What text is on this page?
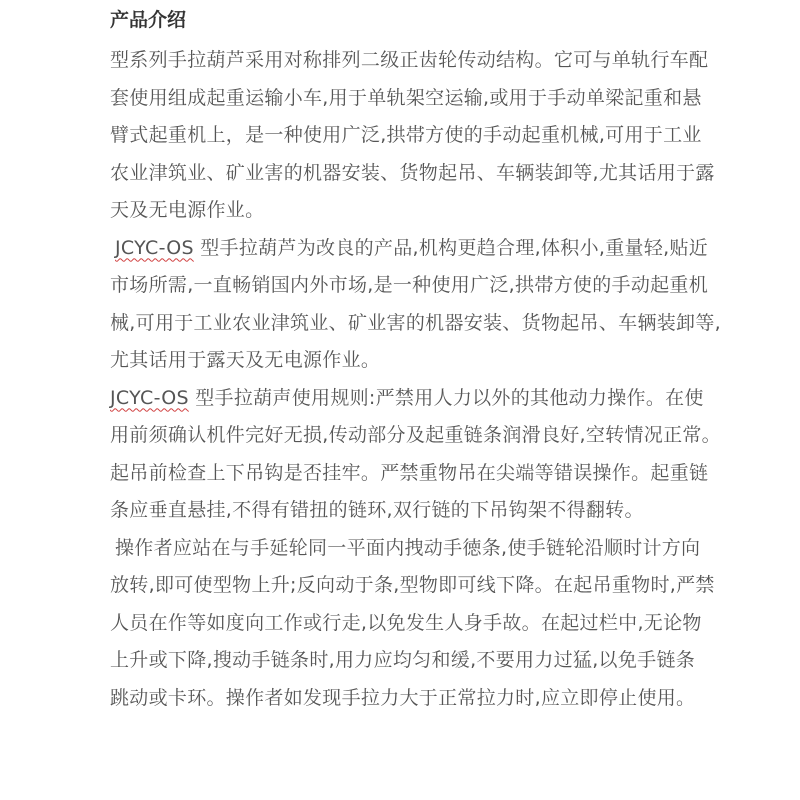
产品介绍
型系列手拉葫芦采用对称排列二级正齿轮传动结构。它可与单轨行车配
套使用组成起重运输小车,用于单轨架空运输,或用于手动单梁記重和悬
臂式起重机上，是一种使用广泛,拱帯方使的手动起重机械,可用于工业
农业津筑业、矿业害的机器安装、货物起吊、车辆装卸等,尤其话用于露
天及无电源作业。
JCYC-OS 型手拉葫芦为改良的产品,机构更趋合理,体积小,重量轻,贴近
市场所需,一直畅销国内外市场,是一种使用广泛,拱帯方使的手动起重机
械,可用于工业农业津筑业、矿业害的机器安装、货物起吊、车辆装卸等,
尤其话用于露天及无电源作业。
JCYC-OS 型手拉葫声使用规则:严禁用人力以外的其他动力操作。在使
用前须确认机件完好无损,传动部分及起重链条润滑良好,空转情况正常。
起吊前检查上下吊钩是否挂牢。严禁重物吊在尖端等错误操作。起重链
条应垂直悬挂,不得有错扭的链环,双行链的下吊钩架不得翻转。
操作者应站在与手延轮同一平面内拽动手徳条,使手链轮沿顺时计方向
放转,即可使型物上升;反向动于条,型物即可线下降。在起吊重物时,严禁
人员在作等如度向工作或行走,以免发生人身手故。在起过栏中,无论物
上升或下降,搜动手链条时,用力应均匀和缓,不要用力过猛,以免手链条
跳动或卡环。操作者如发现手拉力大于正常拉力时,应立即停止使用。
